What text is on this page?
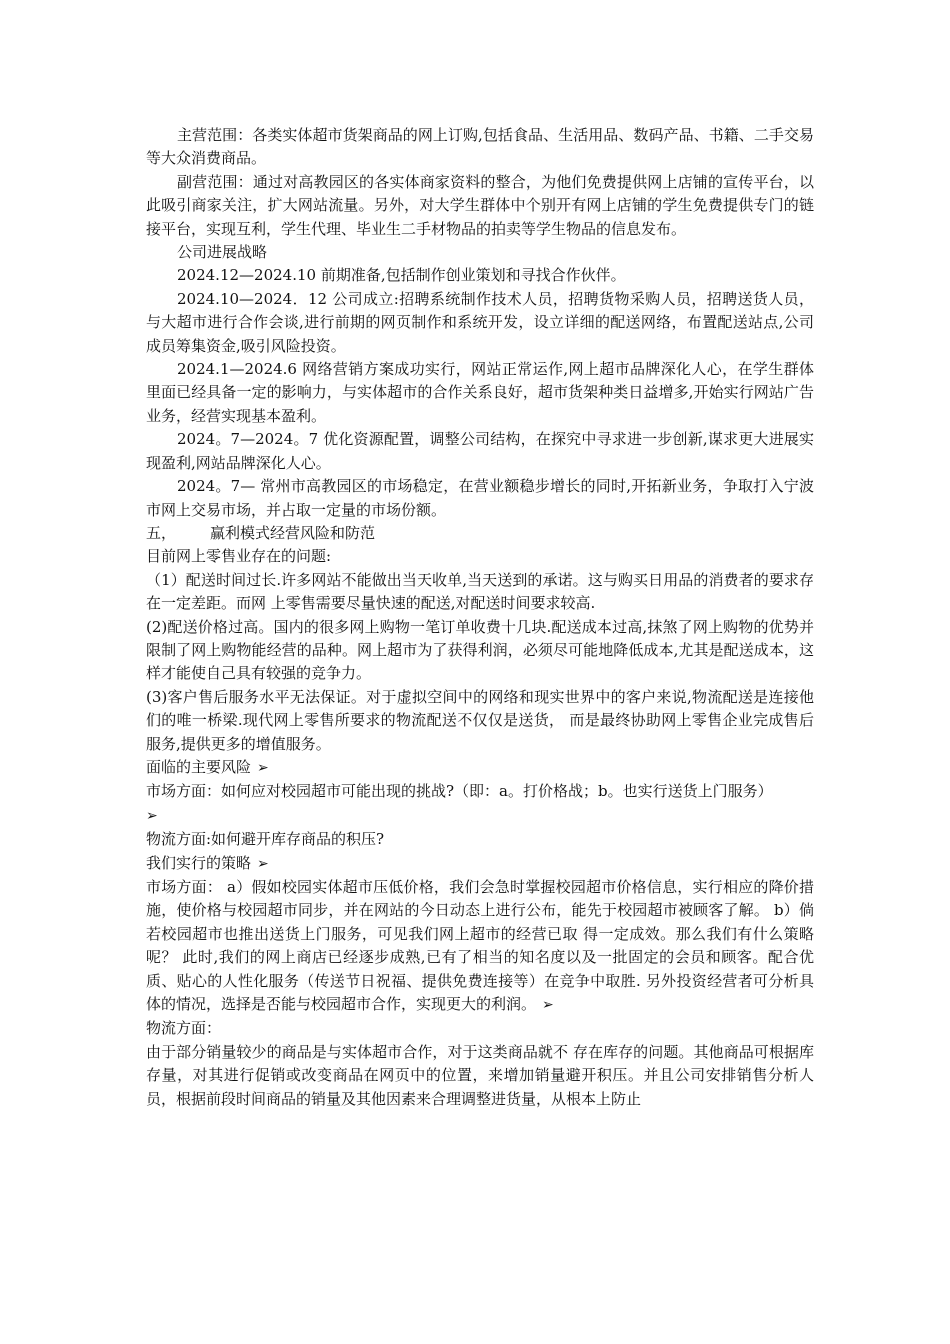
主营范围：各类实体超市货架商品的网上订购,包括食品、生活用品、数码产品、书籍、二手交易等大众消费商品。

副营范围：通过对高教园区的各实体商家资料的整合，为他们免费提供网上店铺的宣传平台，以此吸引商家关注，扩大网站流量。另外，对大学生群体中个别开有网上店铺的学生免费提供专门的链接平台，实现互利，学生代理、毕业生二手材物品的拍卖等学生物品的信息发布。

公司进展战略

2024.12—2024.10 前期准备,包括制作创业策划和寻找合作伙伴。

2024.10—2024．12 公司成立:招聘系统制作技术人员，招聘货物采购人员，招聘送货人员，与大超市进行合作会谈,进行前期的网页制作和系统开发，设立详细的配送网络，布置配送站点,公司成员筹集资金,吸引风险投资。

2024.1—2024.6 网络营销方案成功实行，网站正常运作,网上超市品牌深化人心，在学生群体里面已经具备一定的影响力，与实体超市的合作关系良好，超市货架种类日益增多,开始实行网站广告业务，经营实现基本盈利。

2024。7—2024。7 优化资源配置，调整公司结构，在探究中寻求进一步创新,谋求更大进展实现盈利,网站品牌深化人心。

2024。7— 常州市高教园区的市场稳定，在营业额稳步增长的同时,开拓新业务，争取打入宁波市网上交易市场，并占取一定量的市场份额。

五， 赢利模式经营风险和防范

目前网上零售业存在的问题:

（1）配送时间过长.许多网站不能做出当天收单,当天送到的承诺。这与购买日用品的消费者的要求存在一定差距。而网 上零售需要尽量快速的配送,对配送时间要求较高.

(2)配送价格过高。国内的很多网上购物一笔订单收费十几块.配送成本过高,抹煞了网上购物的优势并限制了网上购物能经营的品种。网上超市为了获得利润，必须尽可能地降低成本,尤其是配送成本，这样才能使自己具有较强的竞争力。

(3)客户售后服务水平无法保证。对于虚拟空间中的网络和现实世界中的客户来说,物流配送是连接他们的唯一桥梁.现代网上零售所要求的物流配送不仅仅是送货， 而是最终协助网上零售企业完成售后服务,提供更多的增值服务。

面临的主要风险 ➢

市场方面：如何应对校园超市可能出现的挑战?（即：a。打价格战；b。也实行送货上门服务）
➢

物流方面:如何避开库存商品的积压?

我们实行的策略 ➢

市场方面： a）假如校园实体超市压低价格，我们会急时掌握校园超市价格信息，实行相应的降价措施，使价格与校园超市同步，并在网站的今日动态上进行公布，能先于校园超市被顾客了解。 b）倘若校园超市也推出送货上门服务，可见我们网上超市的经营已取 得一定成效。那么我们有什么策略呢？ 此时,我们的网上商店已经逐步成熟,已有了相当的知名度以及一批固定的会员和顾客。配合优质、贴心的人性化服务（传送节日祝福、提供免费连接等）在竞争中取胜. 另外投资经营者可分析具体的情况，选择是否能与校园超市合作，实现更大的利润。 ➢

物流方面：

由于部分销量较少的商品是与实体超市合作，对于这类商品就不 存在库存的问题。其他商品可根据库存量，对其进行促销或改变商品在网页中的位置，来增加销量避开积压。并且公司安排销售分析人员，根据前段时间商品的销量及其他因素来合理调整进货量，从根本上防止
